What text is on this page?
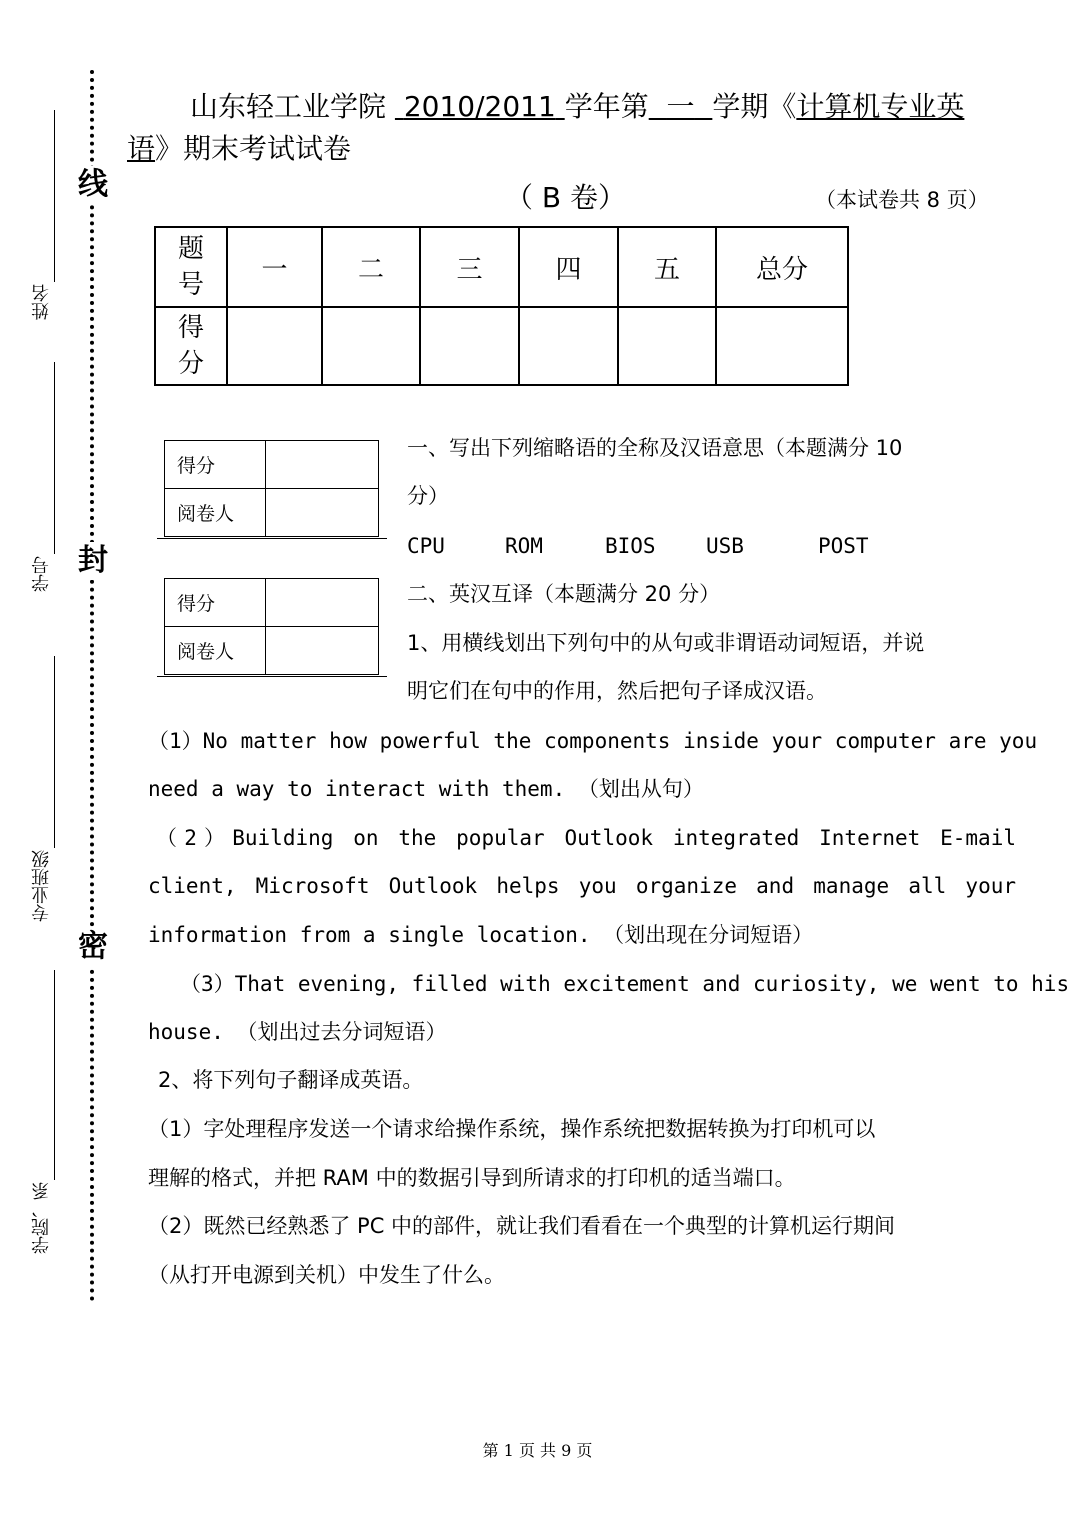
线
封
密
姓名
学号
专业班级
学院、系
山东轻工业学院 2010/2011 学年第 一 学期《计算机专业英
语》期末考试试卷
（ B 卷）	（本试卷共 8 页）
题号	一	二	三	四	五	总分
得分						
得分	
阅卷人	
得分	
阅卷人	
一、写出下列缩略语的全称及汉语意思（本题满分 10
分）
CPU	ROM	BIOS USB	POST
二、英汉互译（本题满分 20 分）
1、用横线划出下列句中的从句或非谓语动词短语，并说
明它们在句中的作用，然后把句子译成汉语。
（1）No matter how powerful the components inside your computer are you
need a way to interact with them. （划出从句）
（2）Building on the popular Outlook integrated Internet E-mail
client, Microsoft Outlook helps you organize and manage all your
information from a single location. （划出现在分词短语）
（3）That evening, filled with excitement and curiosity, we went to his
house. （划出过去分词短语）
2、将下列句子翻译成英语。
（1）字处理程序发送一个请求给操作系统，操作系统把数据转换为打印机可以
理解的格式，并把 RAM 中的数据引导到所请求的打印机的适当端口。
（2）既然已经熟悉了 PC 中的部件，就让我们看看在一个典型的计算机运行期间
（从打开电源到关机）中发生了什么。
第 1 页 共 9 页
